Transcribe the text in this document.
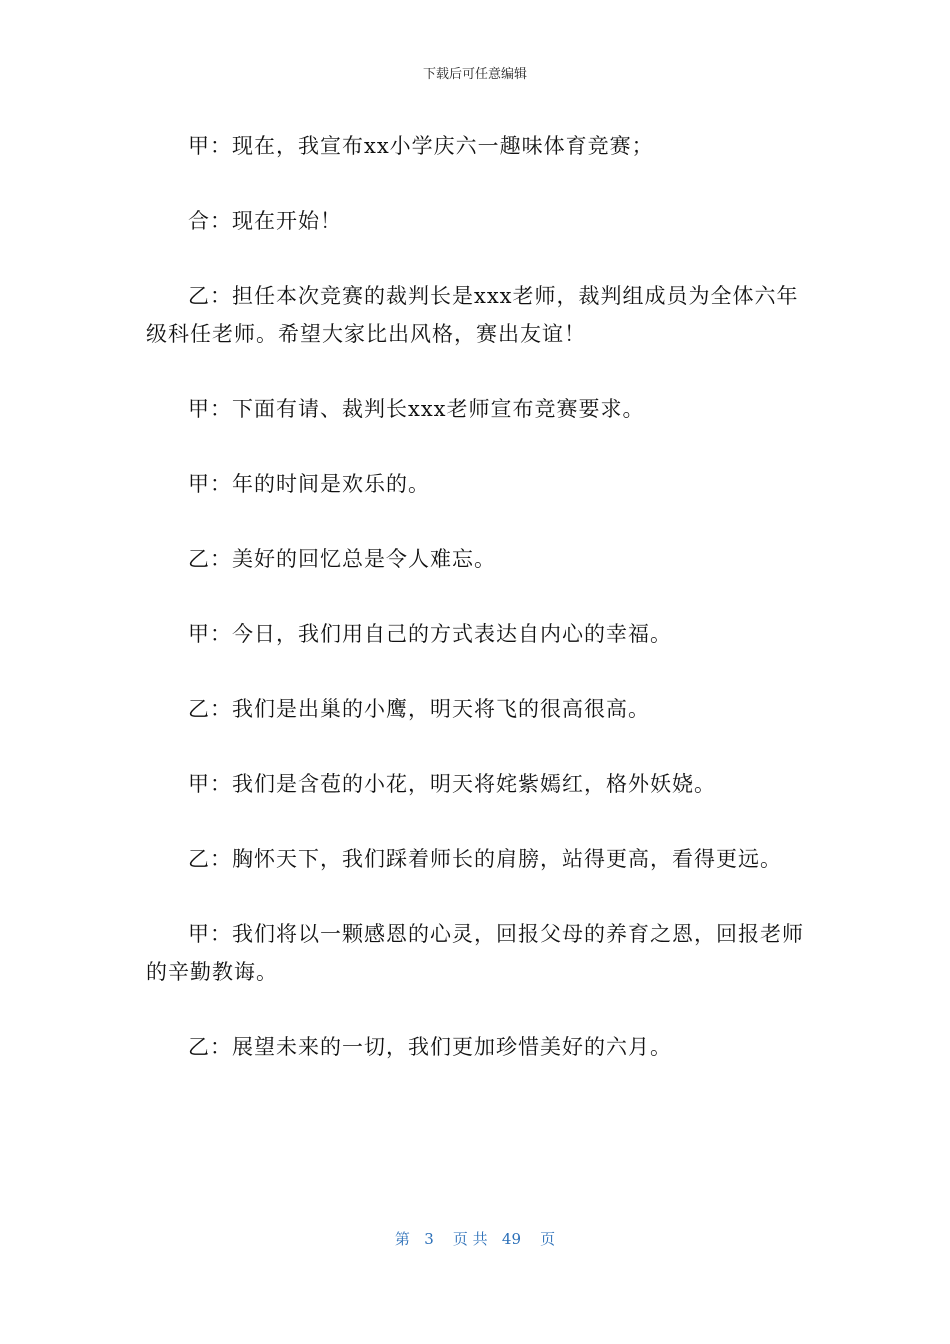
下载后可任意编辑

甲：现在，我宣布xx小学庆六一趣味体育竞赛；

合：现在开始！

乙：担任本次竞赛的裁判长是xxx老师，裁判组成员为全体六年级科任老师。希望大家比出风格，赛出友谊！

甲：下面有请、裁判长xxx老师宣布竞赛要求。

甲：年的时间是欢乐的。

乙：美好的回忆总是令人难忘。

甲：今日，我们用自己的方式表达自内心的幸福。

乙：我们是出巢的小鹰，明天将飞的很高很高。

甲：我们是含苞的小花，明天将姹紫嫣红，格外妖娆。

乙：胸怀天下，我们踩着师长的肩膀，站得更高，看得更远。

甲：我们将以一颗感恩的心灵，回报父母的养育之恩，回报老师的辛勤教诲。

乙：展望未来的一切，我们更加珍惜美好的六月。

第 3 页 共 49 页
